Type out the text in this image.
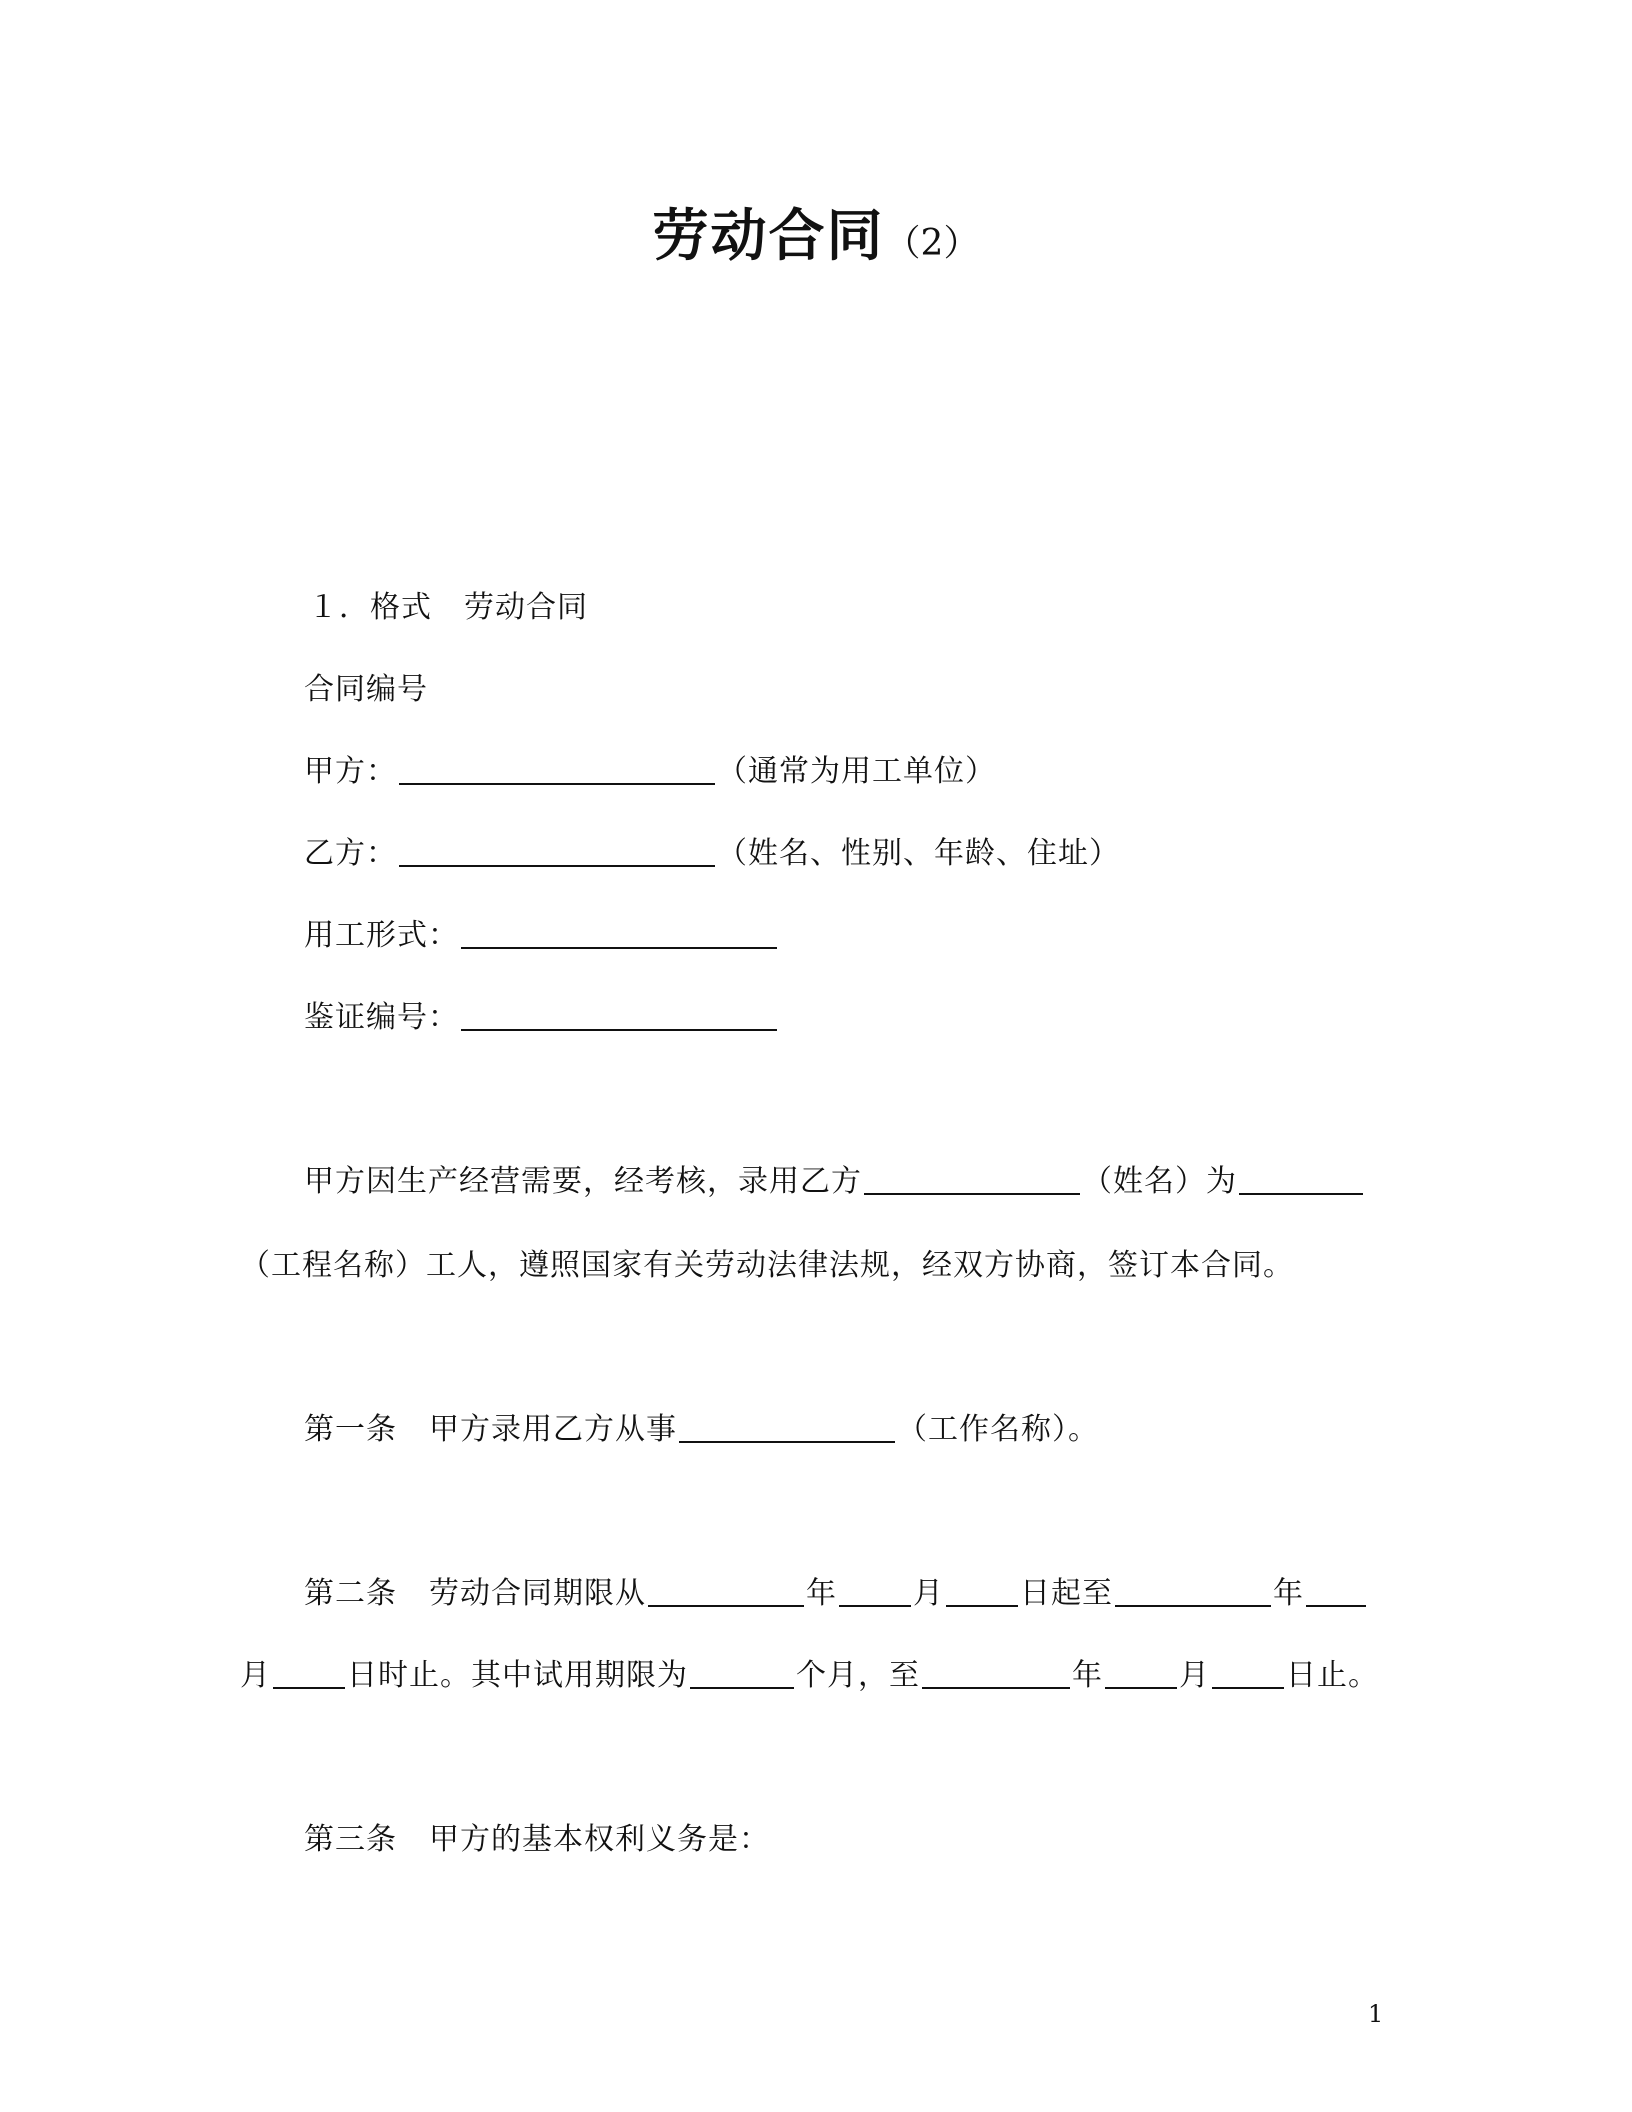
劳动合同（2）
１．格式 劳动合同
合同编号
甲方：	（通常为用工单位）
乙方：	（姓名、性别、年龄、住址）
用工形式：
鉴证编号：
甲方因生产经营需要，经考核，录用乙方	（姓名）为
（工程名称）工人，遵照国家有关劳动法律法规，经双方协商，签订本合同。
第一条 甲方录用乙方从事	（工作名称）。
第二条 劳动合同期限从	年	月	日起至	年
月	日时止。其中试用期限为	个月，至	年	月	日止。
第三条 甲方的基本权利义务是：
1
